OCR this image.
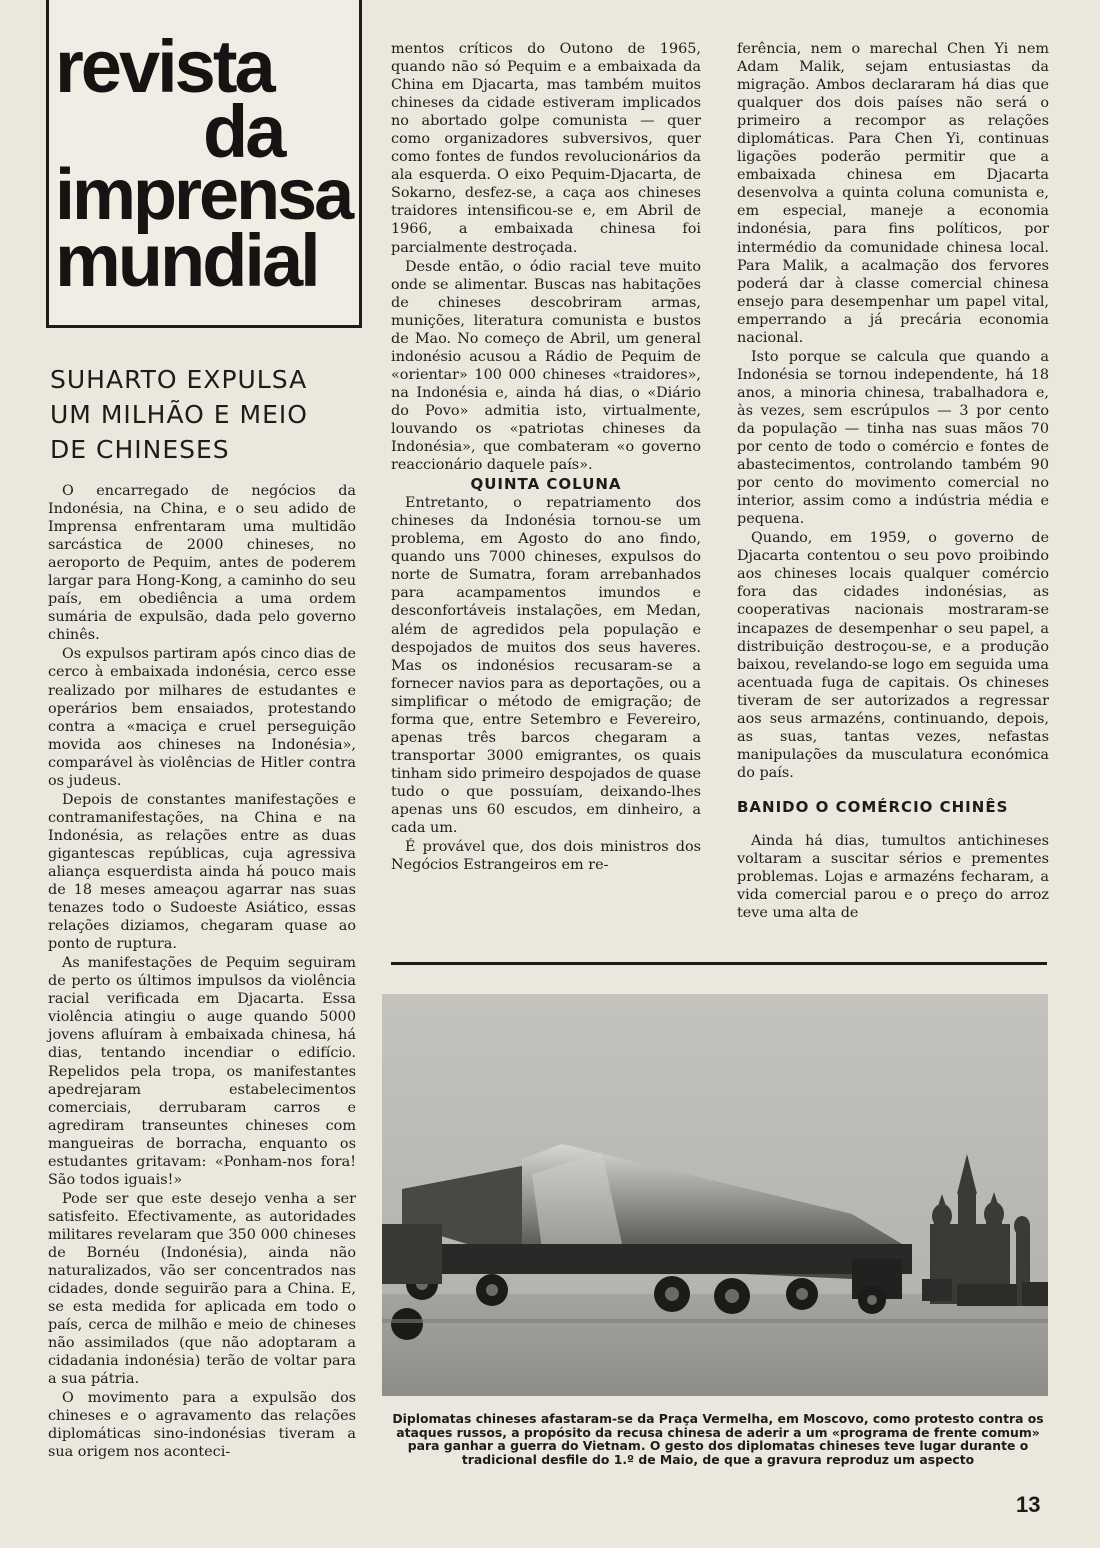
revista
da
imprensa
mundial
SUHARTO EXPULSA
UM MILHÃO E MEIO
DE CHINESES

O encarregado de negócios da Indonésia, na China, e o seu adido de Imprensa enfrentaram uma multidão sarcástica de 2000 chineses, no aeroporto de Pequim, antes de poderem largar para Hong-Kong, a caminho do seu país, em obediência a uma ordem sumária de expulsão, dada pelo governo chinês.

Os expulsos partiram após cinco dias de cerco à embaixada indonésia, cerco esse realizado por milhares de estudantes e operários bem ensaiados, protestando contra a «maciça e cruel perseguição movida aos chineses na Indonésia», comparável às violências de Hitler contra os judeus.

Depois de constantes manifestações e contramanifestações, na China e na Indonésia, as relações entre as duas gigantescas repúblicas, cuja agressiva aliança esquerdista ainda há pouco mais de 18 meses ameaçou agarrar nas suas tenazes todo o Sudoeste Asiático, essas relações diziamos, chegaram quase ao ponto de ruptura.

As manifestações de Pequim seguiram de perto os últimos impulsos da violência racial verificada em Djacarta. Essa violência atingiu o auge quando 5000 jovens afluíram à embaixada chinesa, há dias, tentando incendiar o edifício. Repelidos pela tropa, os manifestantes apedrejaram estabelecimentos comerciais, derrubaram carros e agrediram transeuntes chineses com mangueiras de borracha, enquanto os estudantes gritavam: «Ponham-nos fora! São todos iguais!»

Pode ser que este desejo venha a ser satisfeito. Efectivamente, as autoridades militares revelaram que 350 000 chineses de Bornéu (Indonésia), ainda não naturalizados, vão ser concentrados nas cidades, donde seguirão para a China. E, se esta medida for aplicada em todo o país, cerca de milhão e meio de chineses não assimilados (que não adoptaram a cidadania indonésia) terão de voltar para a sua pátria.

O movimento para a expulsão dos chineses e o agravamento das relações diplomáticas sino-indonésias tiveram a sua origem nos aconteci-

mentos críticos do Outono de 1965, quando não só Pequim e a embaixada da China em Djacarta, mas também muitos chineses da cidade estiveram implicados no abortado golpe comunista — quer como organizadores subversivos, quer como fontes de fundos revolucionários da ala esquerda. O eixo Pequim-Djacarta, de Sokarno, desfez-se, a caça aos chineses traidores intensificou-se e, em Abril de 1966, a embaixada chinesa foi parcialmente destroçada.

Desde então, o ódio racial teve muito onde se alimentar. Buscas nas habitações de chineses descobriram armas, munições, literatura comunista e bustos de Mao. No começo de Abril, um general indonésio acusou a Rádio de Pequim de «orientar» 100 000 chineses «traidores», na Indonésia e, ainda há dias, o «Diário do Povo» admitia isto, virtualmente, louvando os «patriotas chineses da Indonésia», que combateram «o governo reaccionário daquele país».

QUINTA COLUNA

Entretanto, o repatriamento dos chineses da Indonésia tornou-se um problema, em Agosto do ano findo, quando uns 7000 chineses, expulsos do norte de Sumatra, foram arrebanhados para acampamentos imundos e desconfortáveis instalações, em Medan, além de agredidos pela população e despojados de muitos dos seus haveres. Mas os indonésios recusaram-se a fornecer navios para as deportações, ou a simplificar o método de emigração; de forma que, entre Setembro e Fevereiro, apenas três barcos chegaram a transportar 3000 emigrantes, os quais tinham sido primeiro despojados de quase tudo o que possuíam, deixando-lhes apenas uns 60 escudos, em dinheiro, a cada um.

É provável que, dos dois ministros dos Negócios Estrangeiros em re-

ferência, nem o marechal Chen Yi nem Adam Malik, sejam entusiastas da migração. Ambos declararam há dias que qualquer dos dois países não será o primeiro a recompor as relações diplomáticas. Para Chen Yi, continuas ligações poderão permitir que a embaixada chinesa em Djacarta desenvolva a quinta coluna comunista e, em especial, maneje a economia indonésia, para fins políticos, por intermédio da comunidade chinesa local. Para Malik, a acalmação dos fervores poderá dar à classe comercial chinesa ensejo para desempenhar um papel vital, emperrando a já precária economia nacional.

Isto porque se calcula que quando a Indonésia se tornou independente, há 18 anos, a minoria chinesa, trabalhadora e, às vezes, sem escrúpulos — 3 por cento da população — tinha nas suas mãos 70 por cento de todo o comércio e fontes de abastecimentos, controlando também 90 por cento do movimento comercial no interior, assim como a indústria média e pequena.

Quando, em 1959, o governo de Djacarta contentou o seu povo proibindo aos chineses locais qualquer comércio fora das cidades indonésias, as cooperativas nacionais mostraram-se incapazes de desempenhar o seu papel, a distribuição destroçou-se, e a produção baixou, revelando-se logo em seguida uma acentuada fuga de capitais. Os chineses tiveram de ser autorizados a regressar aos seus armazéns, continuando, depois, as suas, tantas vezes, nefastas manipulações da musculatura económica do país.

BANIDO O COMÉRCIO CHINÊS

Ainda há dias, tumultos antichineses voltaram a suscitar sérios e prementes problemas. Lojas e armazéns fecharam, a vida comercial parou e o preço do arroz teve uma alta de

Diplomatas chineses afastaram-se da Praça Vermelha, em Moscovo, como protesto contra os ataques russos, a propósito da recusa chinesa de aderir a um «programa de frente comum» para ganhar a guerra do Vietnam. O gesto dos diplomatas chineses teve lugar durante o tradicional desfile do 1.º de Maio, de que a gravura reproduz um aspecto
13
